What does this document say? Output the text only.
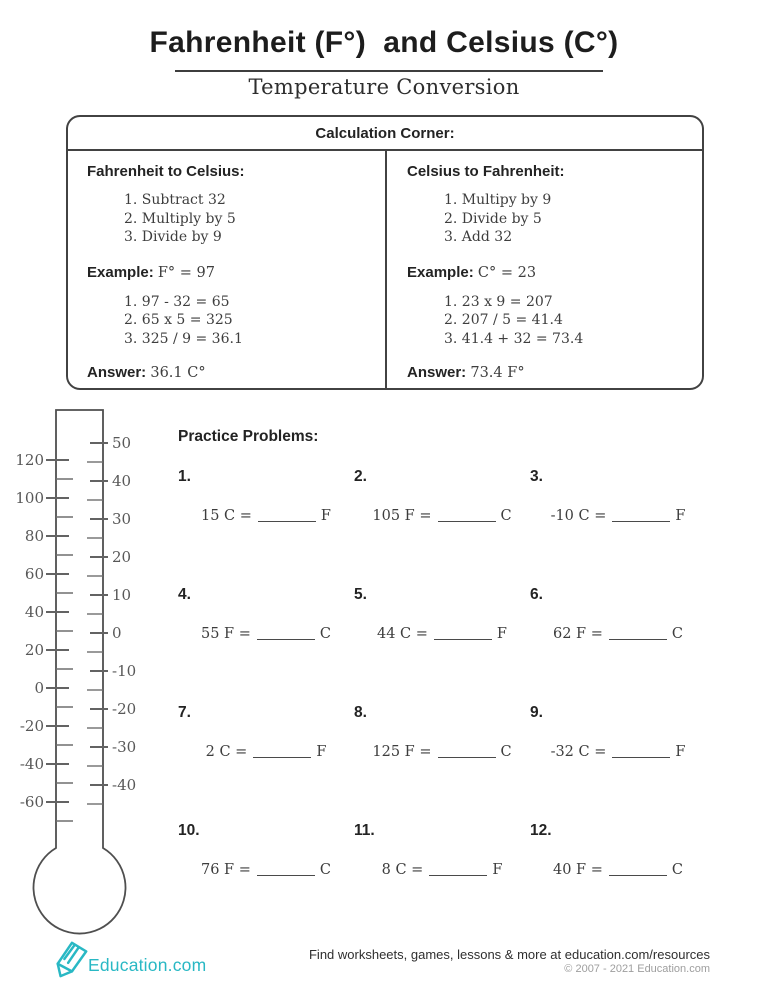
Fahrenheit (F°)  and Celsius (C°)
Temperature Conversion
Calculation Corner:
Fahrenheit to Celsius:
1. Subtract 32
2. Multiply by 5
3. Divide by 9
Example: F° = 97
1. 97 - 32 = 65
2. 65 x 5 = 325
3. 325 / 9 = 36.1
Answer: 36.1 C°
Celsius to Fahrenheit:
1. Multipy by 9
2. Divide by 5
3. Add 32
Example: C° = 23
1. 23 x 9 = 207
2. 207 / 5 = 41.4
3. 41.4 + 32 = 73.4
Answer: 73.4 F°
120
100
80
60
40
20
0
-20
-40
-60
50
40
30
20
10
0
-10
-20
-30
-40
Practice Problems:
1.
15 C =	F
2.
105 F =	C
3.
-10 C =	F
4.
55 F =	C
5.
44 C =	F
6.
62 F =	C
7.
2 C =	F
8.
125 F =	C
9.
-32 C =	F
10.
76 F =	C
11.
8 C =	F
12.
40 F =	C
Education.com
Find worksheets, games, lessons & more at education.com/resources
© 2007 - 2021 Education.com
